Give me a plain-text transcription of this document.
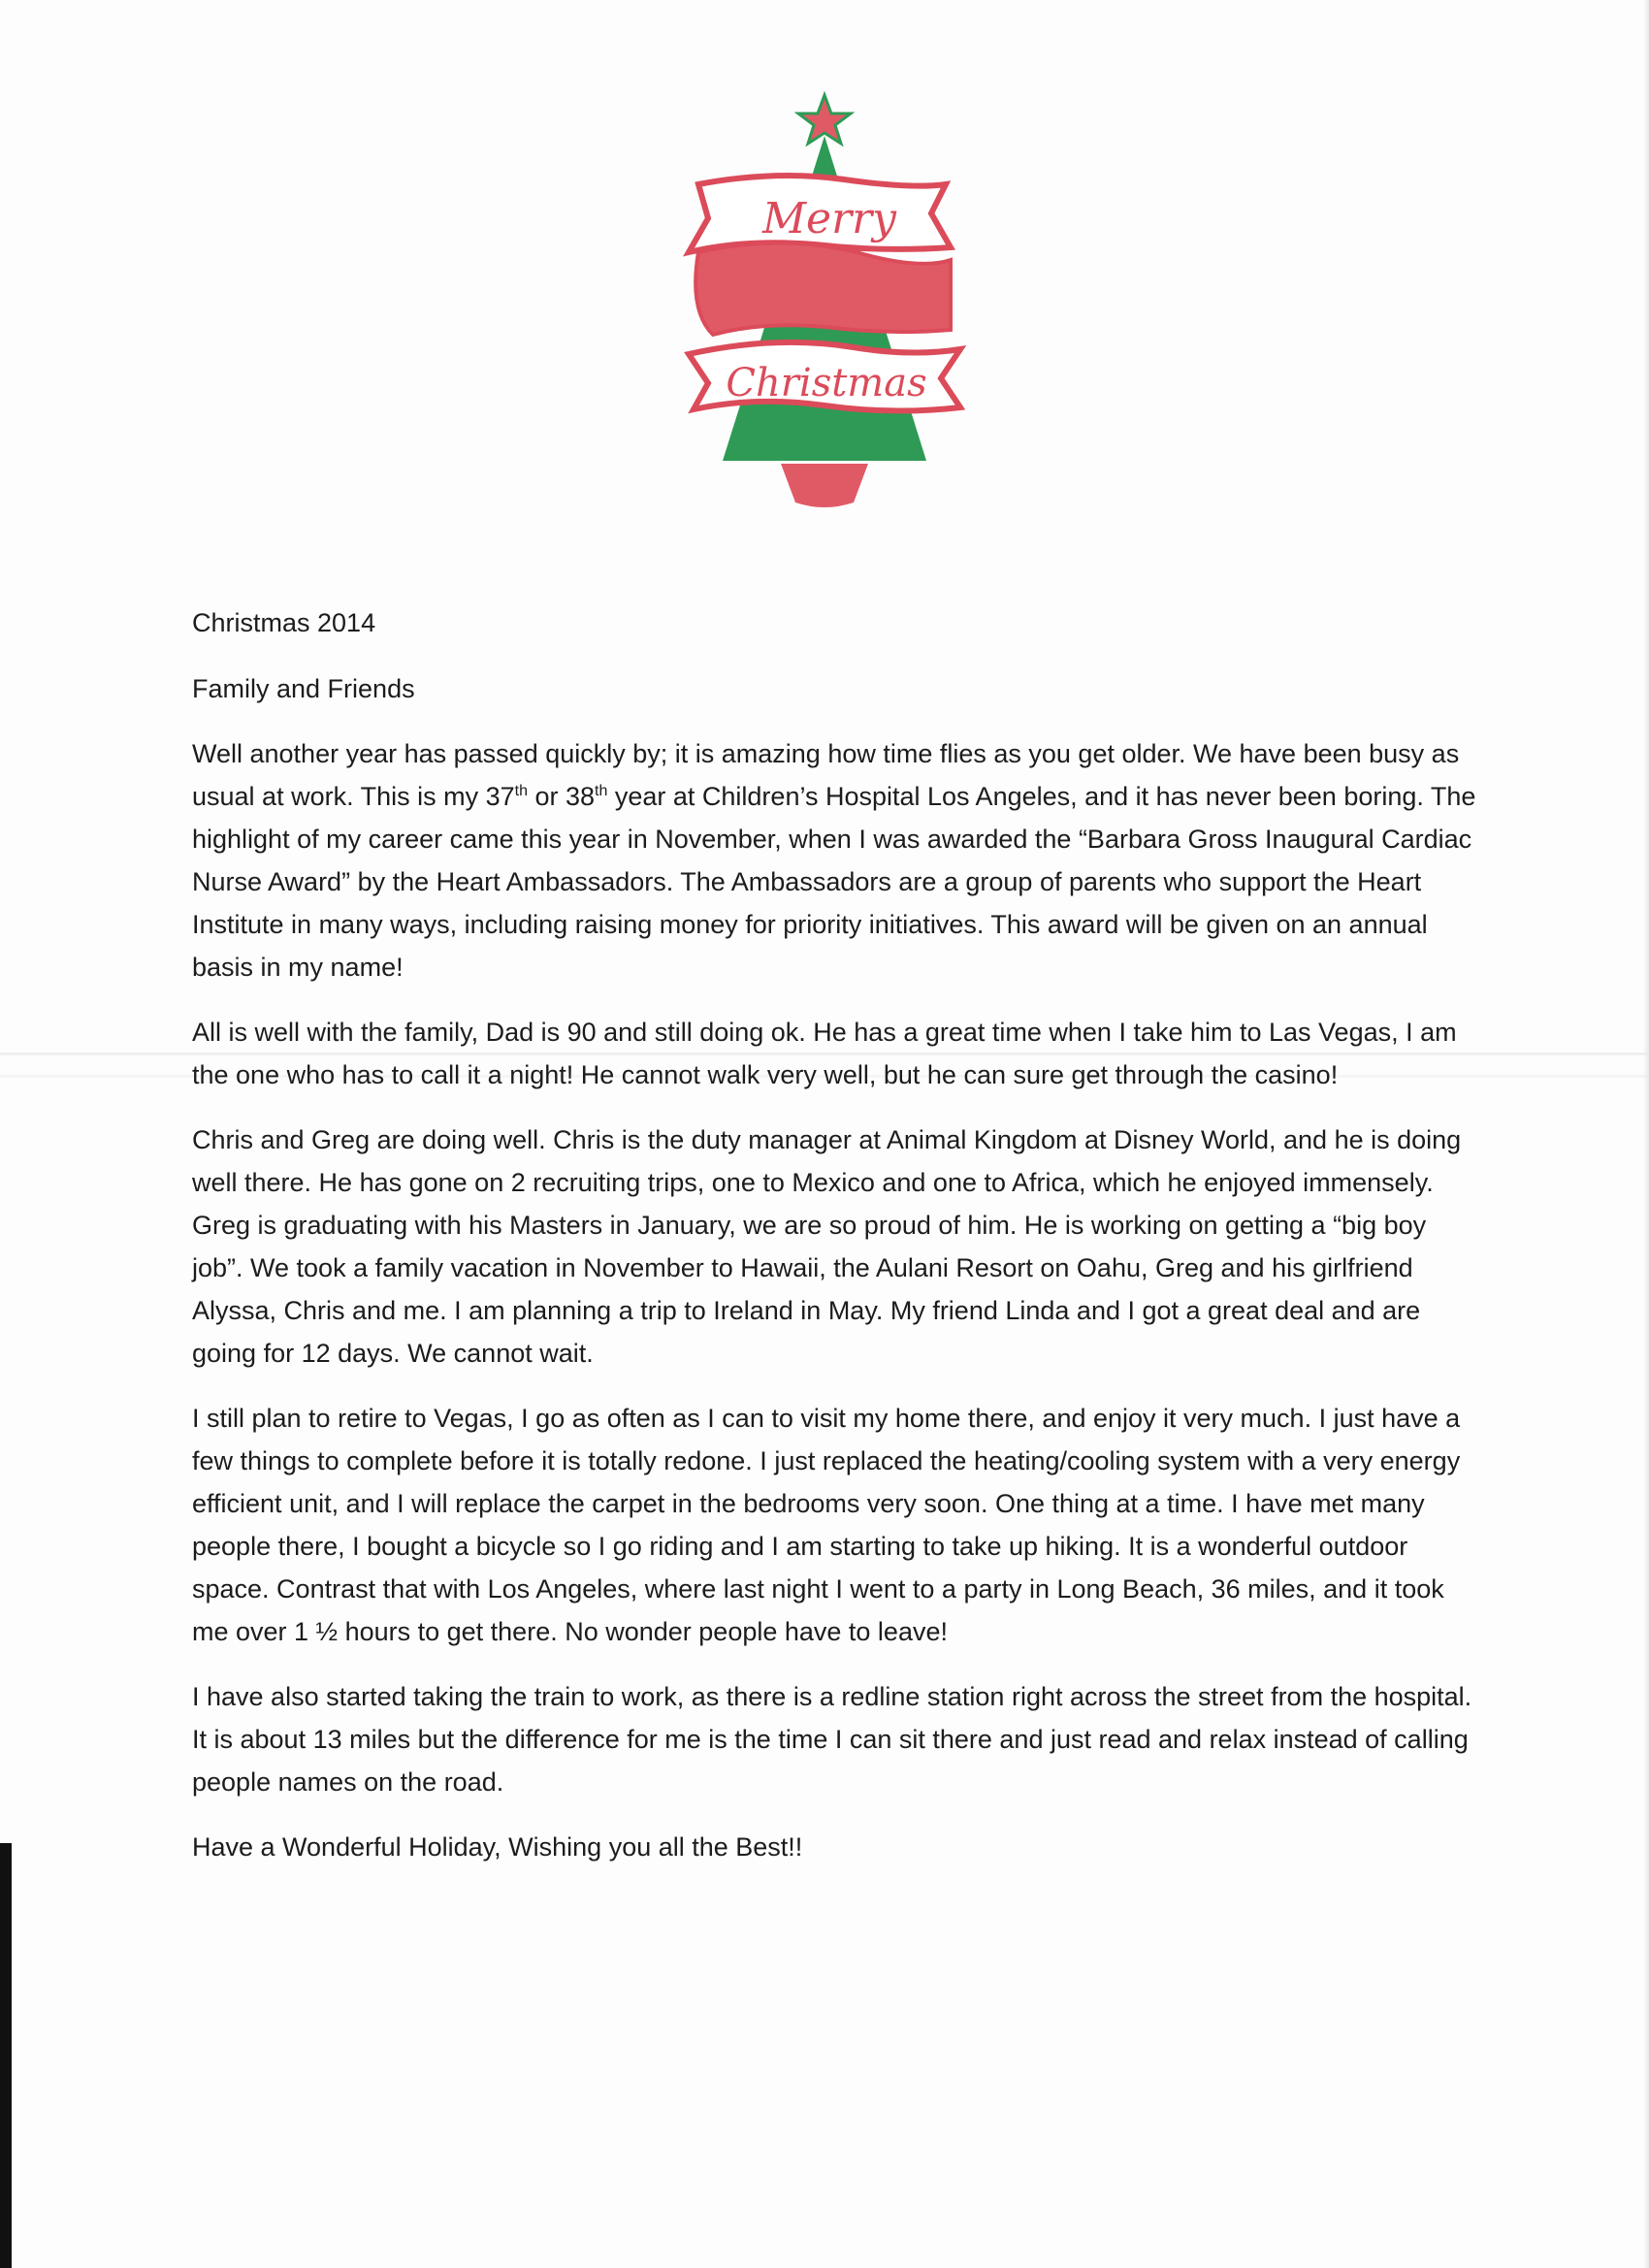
Merry
Christmas

Christmas 2014

Family and Friends

Well another year has passed quickly by; it is amazing how time flies as you get older. We have been busy as usual at work. This is my 37th or 38th year at Children’s Hospital Los Angeles, and it has never been boring. The highlight of my career came this year in November, when I was awarded the “Barbara Gross Inaugural Cardiac Nurse Award” by the Heart Ambassadors. The Ambassadors are a group of parents who support the Heart Institute in many ways, including raising money for priority initiatives. This award will be given on an annual basis in my name!

All is well with the family, Dad is 90 and still doing ok. He has a great time when I take him to Las Vegas, I am the one who has to call it a night! He cannot walk very well, but he can sure get through the casino!

Chris and Greg are doing well. Chris is the duty manager at Animal Kingdom at Disney World, and he is doing well there. He has gone on 2 recruiting trips, one to Mexico and one to Africa, which he enjoyed immensely. Greg is graduating with his Masters in January, we are so proud of him. He is working on getting a “big boy job”. We took a family vacation in November to Hawaii, the Aulani Resort on Oahu, Greg and his girlfriend Alyssa, Chris and me. I am planning a trip to Ireland in May. My friend Linda and I got a great deal and are going for 12 days. We cannot wait.

I still plan to retire to Vegas, I go as often as I can to visit my home there, and enjoy it very much. I just have a few things to complete before it is totally redone. I just replaced the heating/cooling system with a very energy efficient unit, and I will replace the carpet in the bedrooms very soon. One thing at a time. I have met many people there, I bought a bicycle so I go riding and I am starting to take up hiking. It is a wonderful outdoor space. Contrast that with Los Angeles, where last night I went to a party in Long Beach, 36 miles, and it took me over 1 ½ hours to get there. No wonder people have to leave!

I have also started taking the train to work, as there is a redline station right across the street from the hospital. It is about 13 miles but the difference for me is the time I can sit there and just read and relax instead of calling people names on the road.

Have a Wonderful Holiday, Wishing you all the Best!!
